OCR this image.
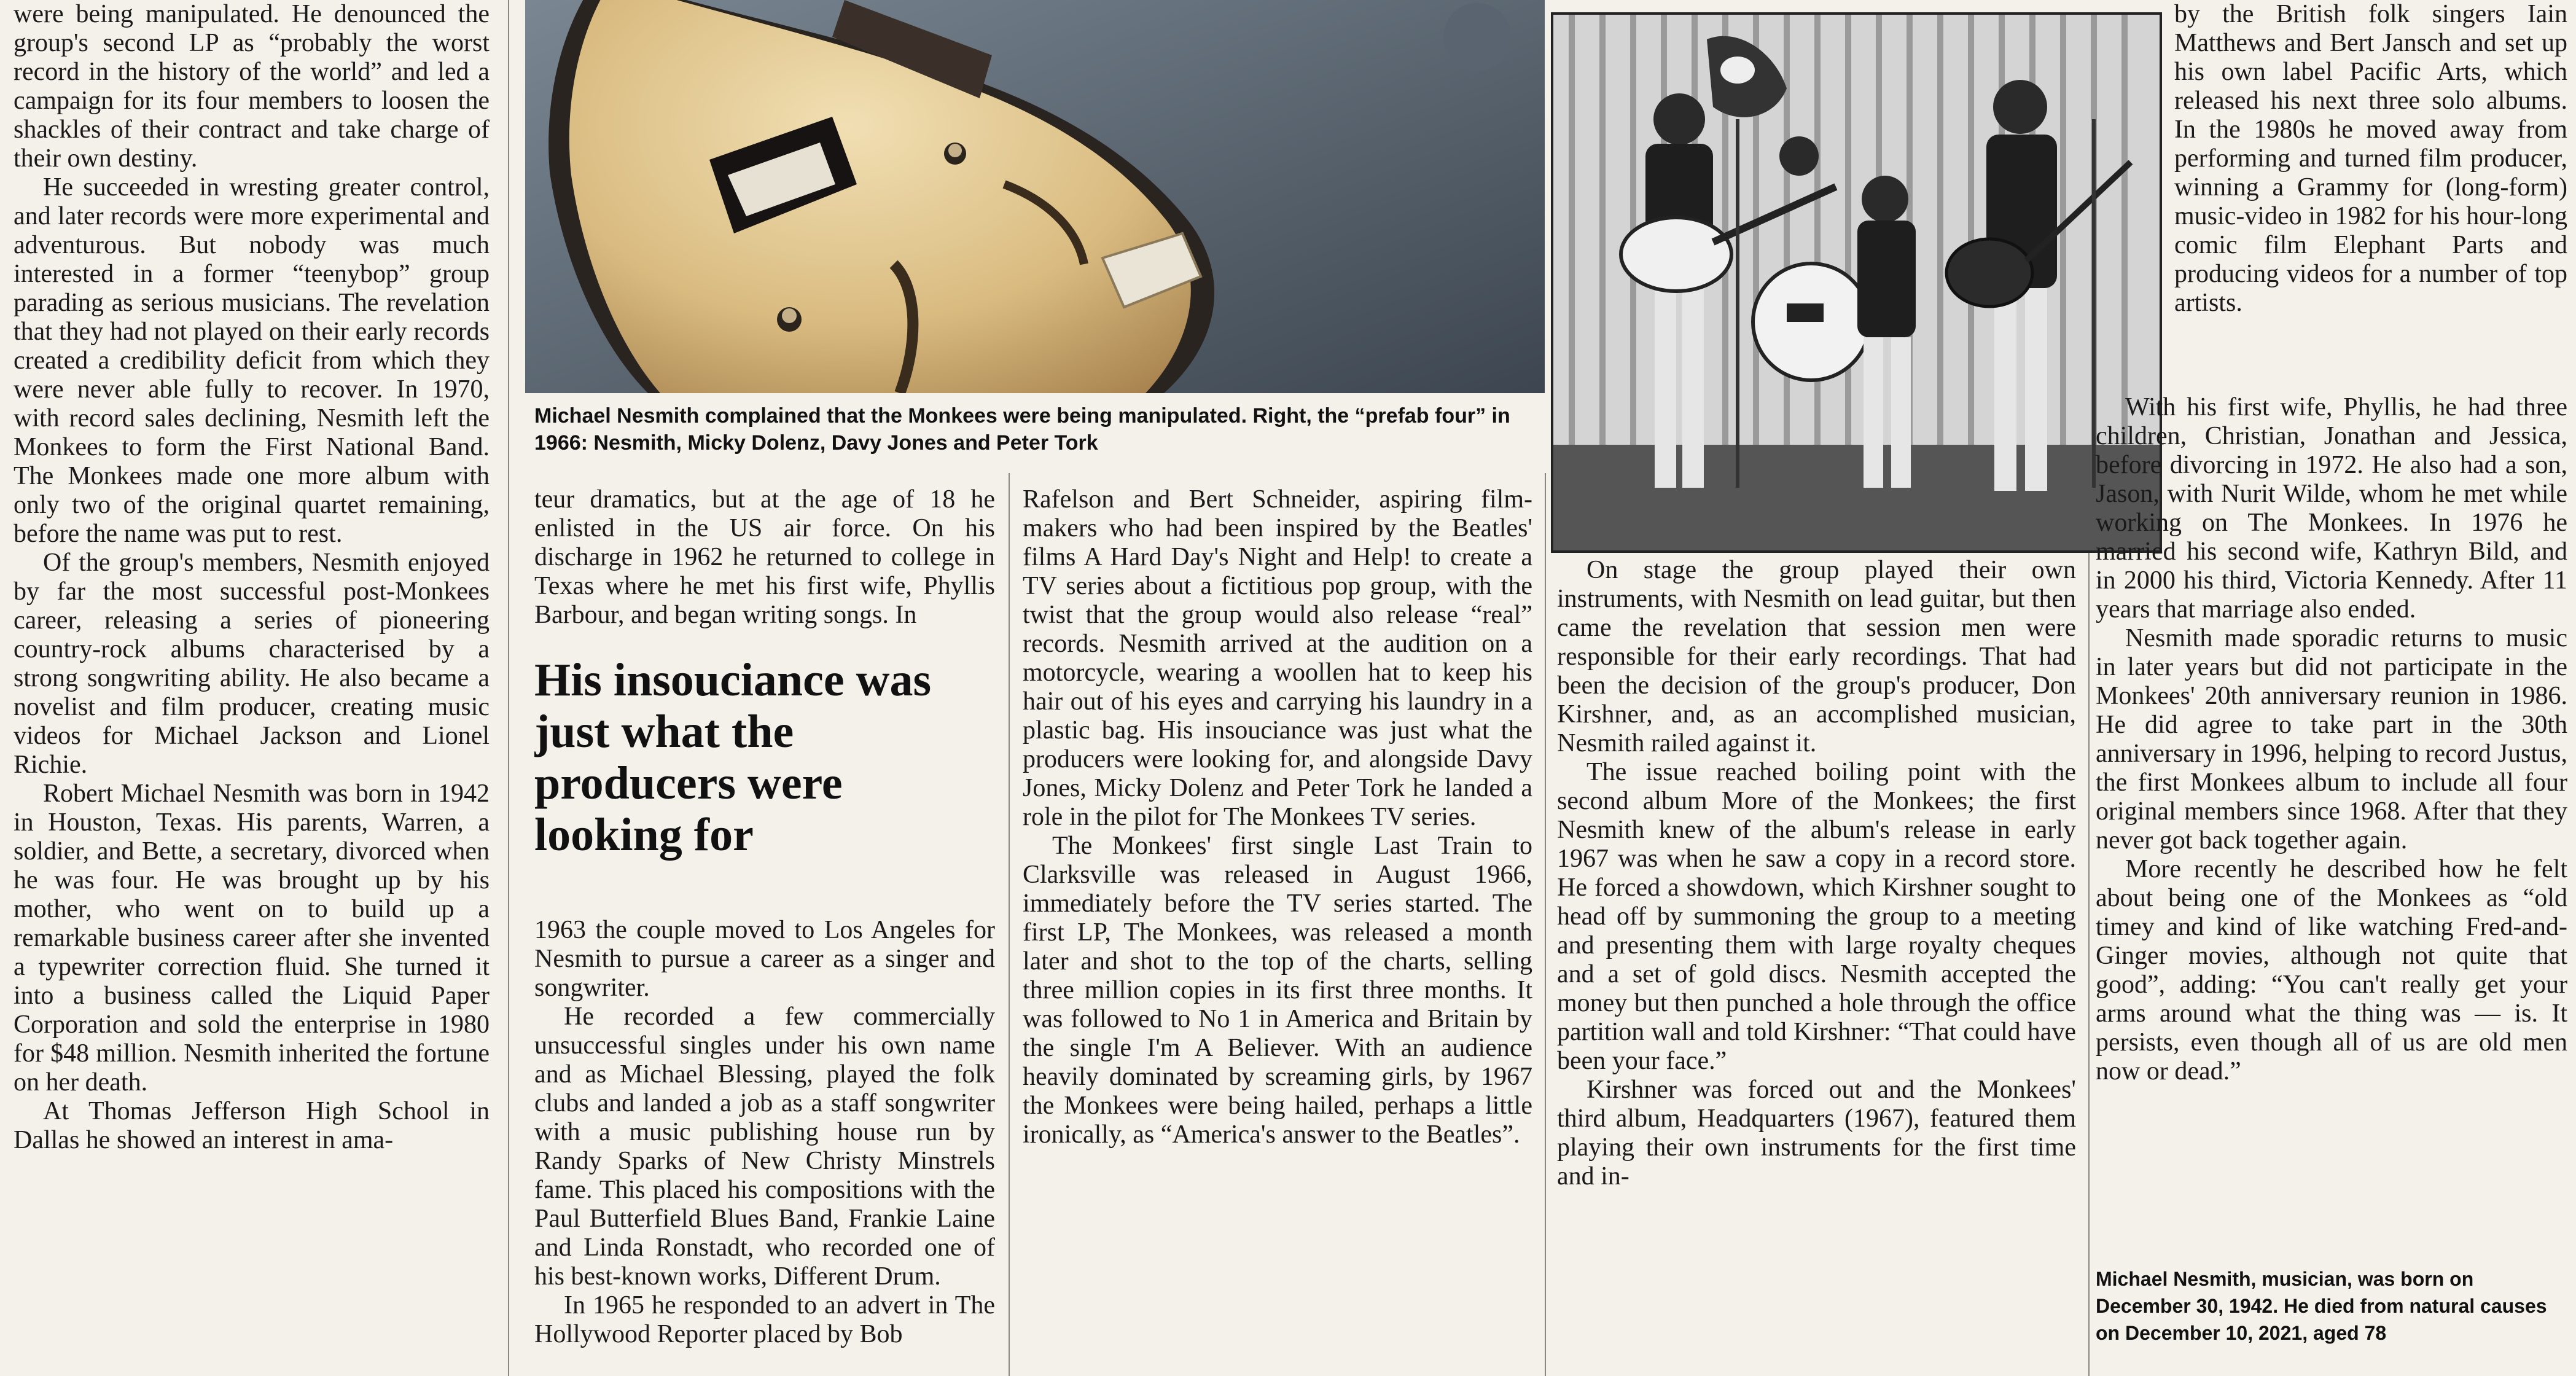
were being manipulated. He denounced the group's second LP as “probably the worst record in the history of the world” and led a campaign for its four members to loosen the shackles of their contract and take charge of their own destiny.

He succeeded in wresting greater control, and later records were more experimental and adventurous. But nobody was much interested in a former “teenybop” group parading as serious musicians. The revelation that they had not played on their early records created a credibility deficit from which they were never able fully to recover. In 1970, with record sales declining, Nesmith left the Monkees to form the First National Band. The Monkees made one more album with only two of the original quartet remaining, before the name was put to rest.

Of the group's members, Nesmith enjoyed by far the most successful post-Monkees career, releasing a series of pioneering country-rock albums characterised by a strong songwriting ability. He also became a novelist and film producer, creating music videos for Michael Jackson and Lionel Richie.

Robert Michael Nesmith was born in 1942 in Houston, Texas. His parents, Warren, a soldier, and Bette, a secretary, divorced when he was four. He was brought up by his mother, who went on to build up a remarkable business career after she invented a typewriter correction fluid. She turned it into a business called the Liquid Paper Corporation and sold the enterprise in 1980 for $48 million. Nesmith inherited the fortune on her death.

At Thomas Jefferson High School in Dallas he showed an interest in ama-

Michael Nesmith complained that the Monkees were being manipulated. Right, the “prefab four” in 1966: Nesmith, Micky Dolenz, Davy Jones and Peter Tork

teur dramatics, but at the age of 18 he enlisted in the US air force. On his discharge in 1962 he returned to college in Texas where he met his first wife, Phyllis Barbour, and began writing songs. In

His insouciance was just what the producers were looking for

1963 the couple moved to Los Angeles for Nesmith to pursue a career as a singer and songwriter.

He recorded a few commercially unsuccessful singles under his own name and as Michael Blessing, played the folk clubs and landed a job as a staff songwriter with a music publishing house run by Randy Sparks of New Christy Minstrels fame. This placed his compositions with the Paul Butterfield Blues Band, Frankie Laine and Linda Ronstadt, who recorded one of his best-known works, Different Drum.

In 1965 he responded to an advert in The Hollywood Reporter placed by Bob

Rafelson and Bert Schneider, aspiring film-makers who had been inspired by the Beatles' films A Hard Day's Night and Help! to create a TV series about a fictitious pop group, with the twist that the group would also release “real” records. Nesmith arrived at the audition on a motorcycle, wearing a woollen hat to keep his hair out of his eyes and carrying his laundry in a plastic bag. His insouciance was just what the producers were looking for, and alongside Davy Jones, Micky Dolenz and Peter Tork he landed a role in the pilot for The Monkees TV series.

The Monkees' first single Last Train to Clarksville was released in August 1966, immediately before the TV series started. The first LP, The Monkees, was released a month later and shot to the top of the charts, selling three million copies in its first three months. It was followed to No 1 in America and Britain by the single I'm A Believer. With an audience heavily dominated by screaming girls, by 1967 the Monkees were being hailed, perhaps a little ironically, as “America's answer to the Beatles”.

On stage the group played their own instruments, with Nesmith on lead guitar, but then came the revelation that session men were responsible for their early recordings. That had been the decision of the group's producer, Don Kirshner, and, as an accomplished musician, Nesmith railed against it.

The issue reached boiling point with the second album More of the Monkees; the first Nesmith knew of the album's release in early 1967 was when he saw a copy in a record store. He forced a showdown, which Kirshner sought to head off by summoning the group to a meeting and presenting them with large royalty cheques and a set of gold discs. Nesmith accepted the money but then punched a hole through the office partition wall and told Kirshner: “That could have been your face.”

Kirshner was forced out and the Monkees' third album, Headquarters (1967), featured them playing their own instruments for the first time and in-

by the British folk singers Iain Matthews and Bert Jansch and set up his own label Pacific Arts, which released his next three solo albums. In the 1980s he moved away from performing and turned film producer, winning a Grammy for (long-form) music-video in 1982 for his hour-long comic film Elephant Parts and producing videos for a number of top artists.

With his first wife, Phyllis, he had three children, Christian, Jonathan and Jessica, before divorcing in 1972. He also had a son, Jason, with Nurit Wilde, whom he met while working on The Monkees. In 1976 he married his second wife, Kathryn Bild, and in 2000 his third, Victoria Kennedy. After 11 years that marriage also ended.

Nesmith made sporadic returns to music in later years but did not participate in the Monkees' 20th anniversary reunion in 1986. He did agree to take part in the 30th anniversary in 1996, helping to record Justus, the first Monkees album to include all four original members since 1968. After that they never got back together again.

More recently he described how he felt about being one of the Monkees as “old timey and kind of like watching Fred-and-Ginger movies, although not quite that good”, adding: “You can't really get your arms around what the thing was — is. It persists, even though all of us are old men now or dead.”

Michael Nesmith, musician, was born on December 30, 1942. He died from natural causes on December 10, 2021, aged 78
